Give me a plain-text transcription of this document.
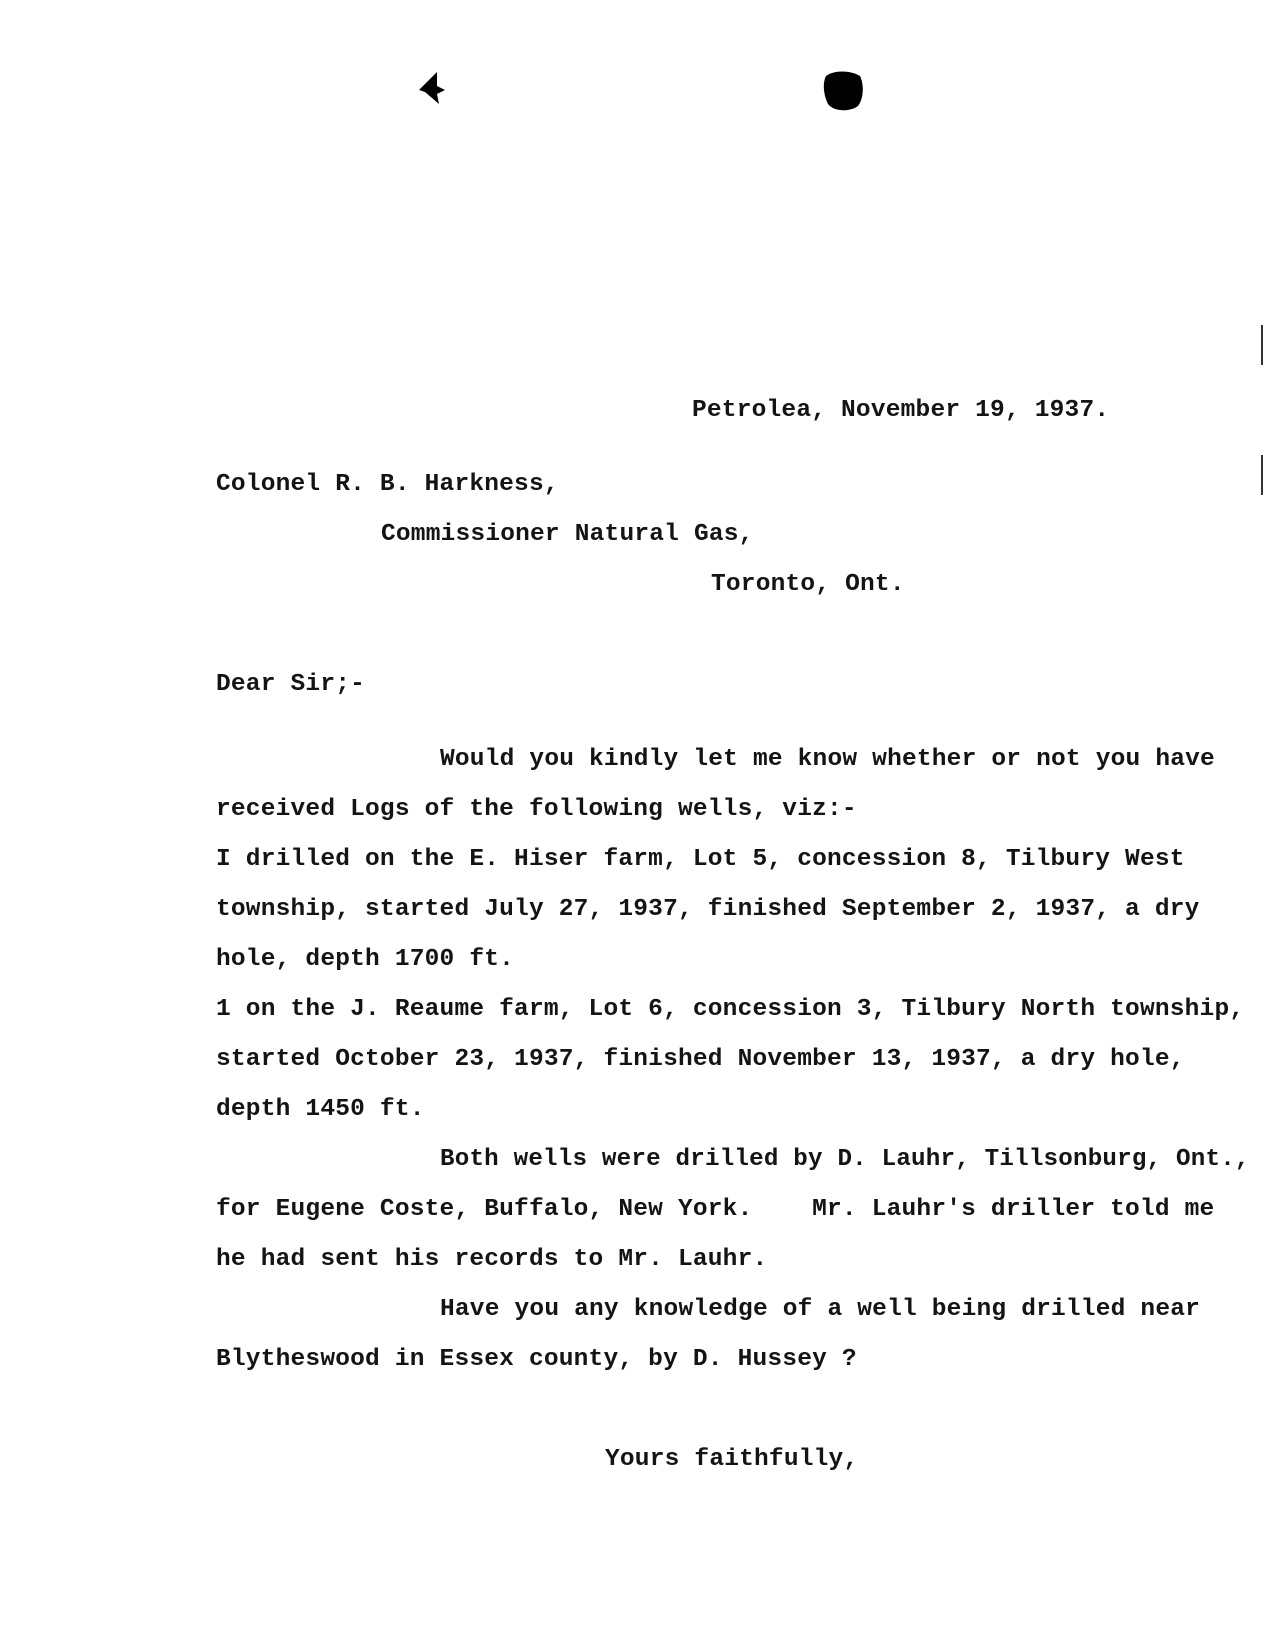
Petrolea, November 19, 1937.
Colonel R. B. Harkness,
Commissioner Natural Gas,
Toronto, Ont.
Dear Sir;-
Would you kindly let me know whether or not you have
received Logs of the following wells, viz:-
I drilled on the E. Hiser farm, Lot 5, concession 8, Tilbury West
township, started July 27, 1937, finished September 2, 1937, a dry
hole, depth 1700 ft.
1 on the J. Reaume farm, Lot 6, concession 3, Tilbury North township,
started October 23, 1937, finished November 13, 1937, a dry hole,
depth 1450 ft.
Both wells were drilled by D. Lauhr, Tillsonburg, Ont.,
for Eugene Coste, Buffalo, New York.    Mr. Lauhr's driller told me
he had sent his records to Mr. Lauhr.
Have you any knowledge of a well being drilled near
Blytheswood in Essex county, by D. Hussey ?
Yours faithfully,
